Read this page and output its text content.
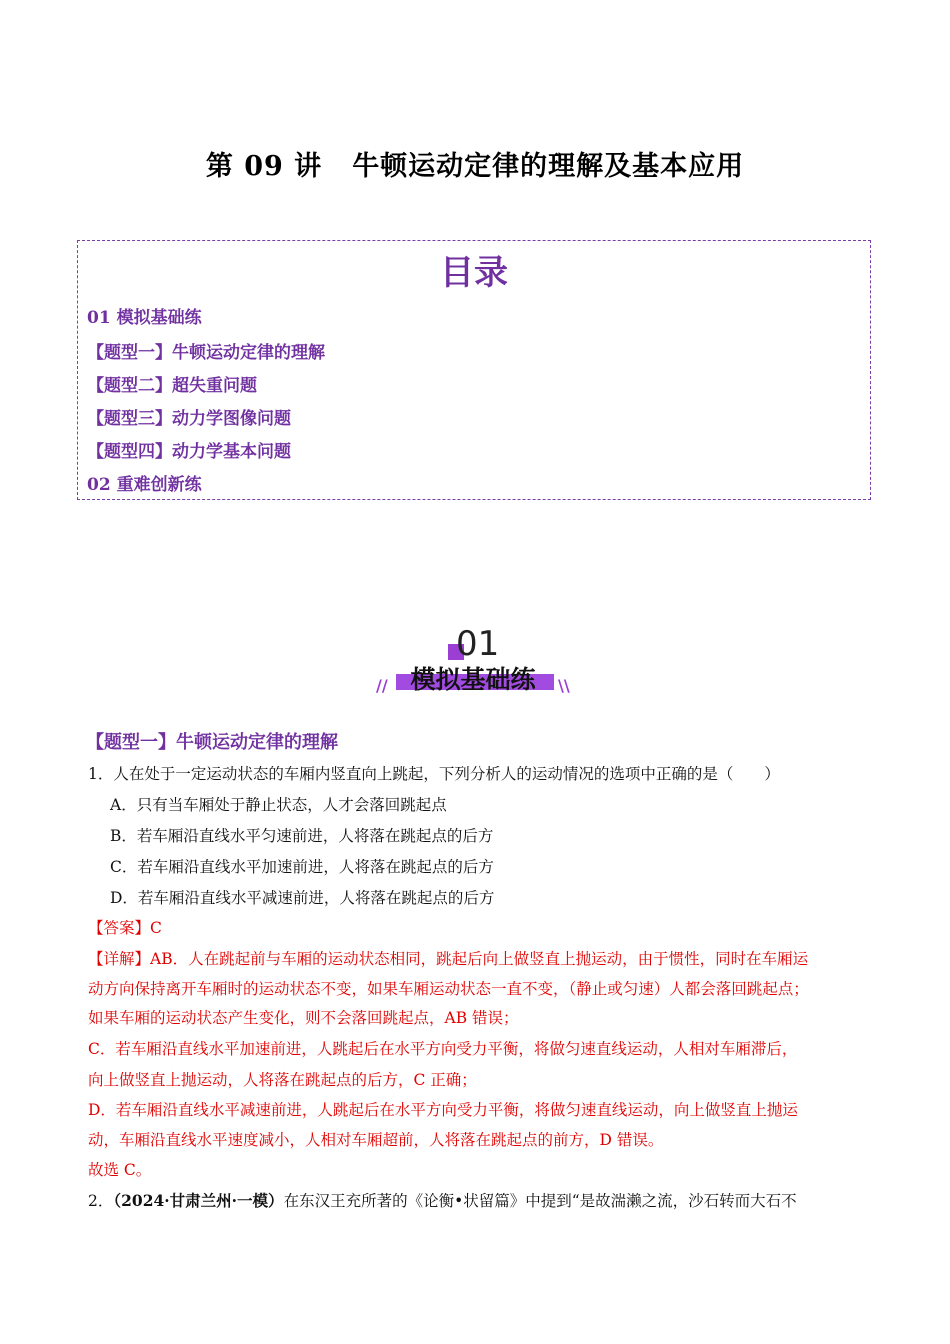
第 09 讲 牛顿运动定律的理解及基本应用
目录
01 模拟基础练
【题型一】牛顿运动定律的理解
【题型二】超失重问题
【题型三】动力学图像问题
【题型四】动力学基本问题
02 重难创新练
01
模拟基础练
//	\\
【题型一】牛顿运动定律的理解
1．人在处于一定运动状态的车厢内竖直向上跳起，下列分析人的运动情况的选项中正确的是（　　）
A．只有当车厢处于静止状态，人才会落回跳起点
B．若车厢沿直线水平匀速前进，人将落在跳起点的后方
C．若车厢沿直线水平加速前进，人将落在跳起点的后方
D．若车厢沿直线水平减速前进，人将落在跳起点的后方
【答案】C
【详解】AB．人在跳起前与车厢的运动状态相同，跳起后向上做竖直上抛运动，由于惯性，同时在车厢运
动方向保持离开车厢时的运动状态不变，如果车厢运动状态一直不变，（静止或匀速）人都会落回跳起点；
如果车厢的运动状态产生变化，则不会落回跳起点，AB 错误；
C．若车厢沿直线水平加速前进，人跳起后在水平方向受力平衡，将做匀速直线运动，人相对车厢滞后，
向上做竖直上抛运动，人将落在跳起点的后方，C 正确；
D．若车厢沿直线水平减速前进，人跳起后在水平方向受力平衡，将做匀速直线运动，向上做竖直上抛运
动，车厢沿直线水平速度减小，人相对车厢超前，人将落在跳起点的前方，D 错误。
故选 C。
2．（2024·甘肃兰州·一模）在东汉王充所著的《论衡•状留篇》中提到“是故湍濑之流，沙石转而大石不
